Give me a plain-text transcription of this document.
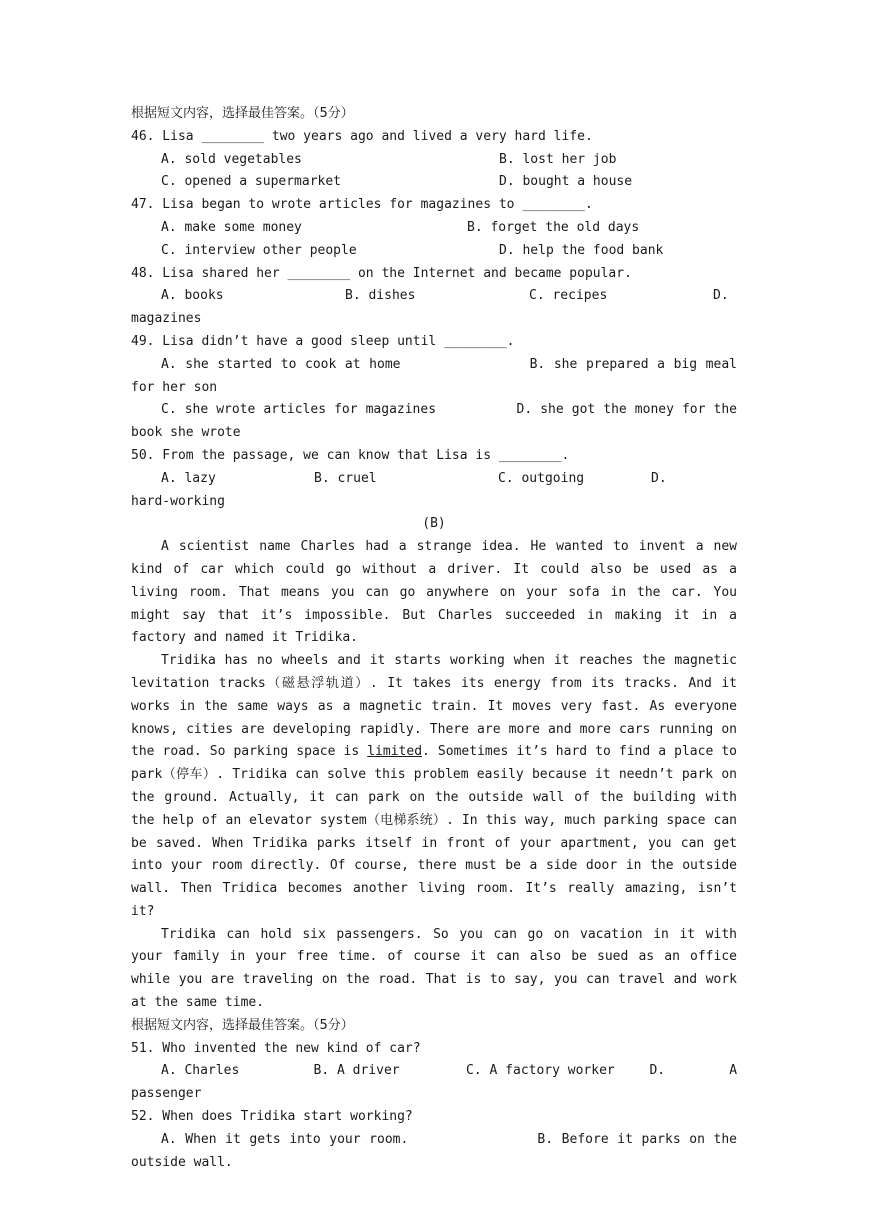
根据短文内容，选择最佳答案。（5分）
46. Lisa ________ two years ago and lived a very hard life.
A. sold vegetables	B. lost her job
C. opened a supermarket	D. bought a house
47. Lisa began to wrote articles for magazines to ________.
A. make some money	B. forget the old days
C. interview other people	D. help the food bank
48. Lisa shared her ________ on the Internet and became popular.
A. books	B. dishes	C. recipes	D.
magazines
49. Lisa didn’t have a good sleep until ________.
A. she started to cook at home               B. she prepared a big meal for her son
C. she wrote articles for magazines          D. she got the money for the book she wrote
50. From the passage, we can know that Lisa is ________.
A. lazy	B. cruel	C. outgoing	D.
hard-working
(B)
A scientist name Charles had a strange idea. He wanted to invent a new kind of car which could go without a driver. It could also be used as a living room. That means you can go anywhere on your sofa in the car. You might say that it’s impossible. But Charles succeeded in making it in a factory and named it Tridika.
Tridika has no wheels and it starts working when it reaches the magnetic levitation tracks（磁悬浮轨道）. It takes its energy from its tracks. And it works in the same ways as a magnetic train. It moves very fast. As everyone knows, cities are developing rapidly. There are more and more cars running on the road. So parking space is limited. Sometimes it’s hard to find a place to park（停车）. Tridika can solve this problem easily because it needn’t park on the ground. Actually, it can park on the outside wall of the building with the help of an elevator system（电梯系统）. In this way, much parking space can be saved. When Tridika parks itself in front of your apartment, you can get into your room directly. Of course, there must be a side door in the outside wall. Then Tridica becomes another living room. It’s really amazing, isn’t it?
Tridika can hold six passengers. So you can go on vacation in it with your family in your free time. of course it can also be sued as an office while you are traveling on the road. That is to say, you can travel and work at the same time.
根据短文内容，选择最佳答案。（5分）
51. Who invented the new kind of car?
A. Charles	B. A driver	C. A factory worker	D.	A
passenger
52. When does Tridika start working?
A. When it gets into your room.               B. Before it parks on the outside wall.
